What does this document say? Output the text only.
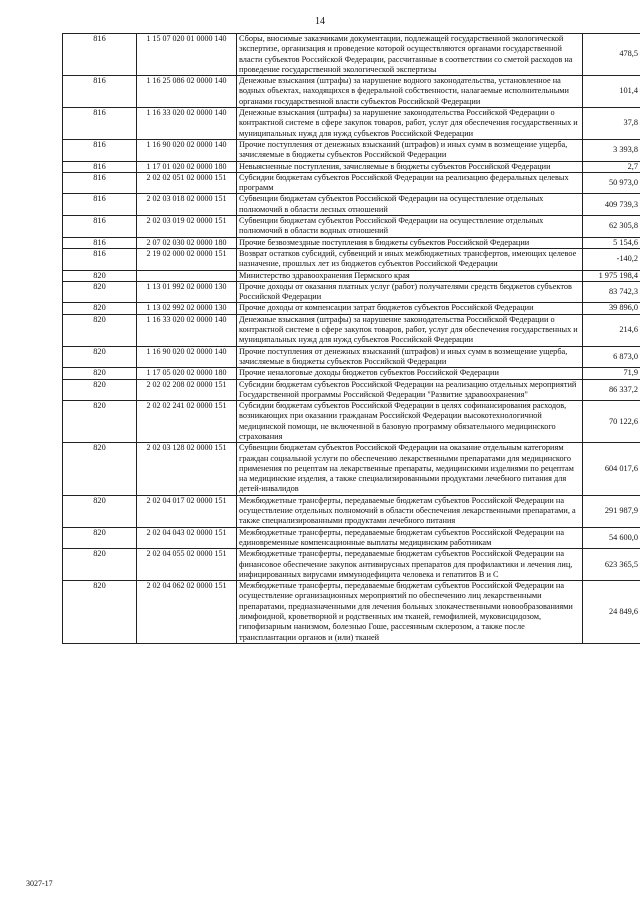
14
816	1 15 07 020 01 0000 140	Сборы, вносимые заказчиками документации, подлежащей государственной экологической экспертизе, организация и проведение которой осуществляются органами государственной власти субъектов Российской Федерации, рассчитанные в соответствии со сметой расходов на проведение государственной экологической экспертизы	478,5
816	1 16 25 086 02 0000 140	Денежные взыскания (штрафы) за нарушение водного законодательства, установленное на водных объектах, находящихся в федеральной собственности, налагаемые исполнительными органами государственной власти субъектов Российской Федерации	101,4
816	1 16 33 020 02 0000 140	Денежные взыскания (штрафы) за нарушение законодательства Российской Федерации о контрактной системе в сфере закупок товаров, работ, услуг для обеспечения государственных и муниципальных нужд для нужд субъектов Российской Федерации	37,8
816	1 16 90 020 02 0000 140	Прочие поступления от денежных взысканий (штрафов) и иных сумм в возмещение ущерба, зачисляемые в бюджеты субъектов Российской Федерации	3 393,8
816	1 17 01 020 02 0000 180	Невыясненные поступления, зачисляемые в бюджеты субъектов Российской Федерации	2,7
816	2 02 02 051 02 0000 151	Субсидии бюджетам субъектов Российской Федерации на реализацию федеральных целевых программ	50 973,0
816	2 02 03 018 02 0000 151	Субвенции бюджетам субъектов Российской Федерации на осуществление отдельных полномочий в области лесных отношений	409 739,3
816	2 02 03 019 02 0000 151	Субвенции бюджетам субъектов Российской Федерации на осуществление отдельных полномочий в области водных отношений	62 305,8
816	2 07 02 030 02 0000 180	Прочие безвозмездные поступления в бюджеты субъектов Российской Федерации	5 154,6
816	2 19 02 000 02 0000 151	Возврат остатков субсидий, субвенций и иных межбюджетных трансфертов, имеющих целевое назначение, прошлых лет из бюджетов субъектов Российской Федерации	-140,2
820		Министерство здравоохранения Пермского края	1 975 198,4
820	1 13 01 992 02 0000 130	Прочие доходы от оказания платных услуг (работ) получателями средств бюджетов субъектов Российской Федерации	83 742,3
820	1 13 02 992 02 0000 130	Прочие доходы от компенсации затрат бюджетов субъектов Российской Федерации	39 896,0
820	1 16 33 020 02 0000 140	Денежные взыскания (штрафы) за нарушение законодательства Российской Федерации о контрактной системе в сфере закупок товаров, работ, услуг для обеспечения государственных и муниципальных нужд для нужд субъектов Российской Федерации	214,6
820	1 16 90 020 02 0000 140	Прочие поступления от денежных взысканий (штрафов) и иных сумм в возмещение ущерба, зачисляемые в бюджеты субъектов Российской Федерации	6 873,0
820	1 17 05 020 02 0000 180	Прочие неналоговые доходы бюджетов субъектов Российской Федерации	71,9
820	2 02 02 208 02 0000 151	Субсидии бюджетам субъектов Российской Федерации на реализацию отдельных мероприятий Государственной программы Российской Федерации "Развитие здравоохранения"	86 337,2
820	2 02 02 241 02 0000 151	Субсидии бюджетам субъектов Российской Федерации в целях софинансирования расходов, возникающих при оказании гражданам Российской Федерации высокотехнологичной медицинской помощи, не включенной в базовую программу обязательного медицинского страхования	70 122,6
820	2 02 03 128 02 0000 151	Субвенции бюджетам субъектов Российской Федерации на оказание отдельным категориям граждан социальной услуги по обеспечению лекарственными препаратами для медицинского применения по рецептам на лекарственные препараты, медицинскими изделиями по рецептам на медицинские изделия, а также специализированными продуктами лечебного питания для детей-инвалидов	604 017,6
820	2 02 04 017 02 0000 151	Межбюджетные трансферты, передаваемые бюджетам субъектов Российской Федерации на осуществление отдельных полномочий в области обеспечения лекарственными препаратами, а также специализированными продуктами лечебного питания	291 987,9
820	2 02 04 043 02 0000 151	Межбюджетные трансферты, передаваемые бюджетам субъектов Российской Федерации на единовременные компенсационные выплаты медицинским работникам	54 600,0
820	2 02 04 055 02 0000 151	Межбюджетные трансферты, передаваемые бюджетам субъектов Российской Федерации на финансовое обеспечение закупок антивирусных препаратов для профилактики и лечения лиц, инфицированных вирусами иммунодефицита человека и гепатитов В и С	623 365,5
820	2 02 04 062 02 0000 151	Межбюджетные трансферты, передаваемые бюджетам субъектов Российской Федерации на осуществление организационных мероприятий по обеспечению лиц лекарственными препаратами, предназначенными для лечения больных злокачественными новообразованиями лимфоидной, кроветворной и родственных им тканей, гемофилией, муковисцидозом, гипофизарным нанизмом, болезнью Гоше, рассеянным склерозом, а также после трансплантации органов и (или) тканей	24 849,6
3027-17
